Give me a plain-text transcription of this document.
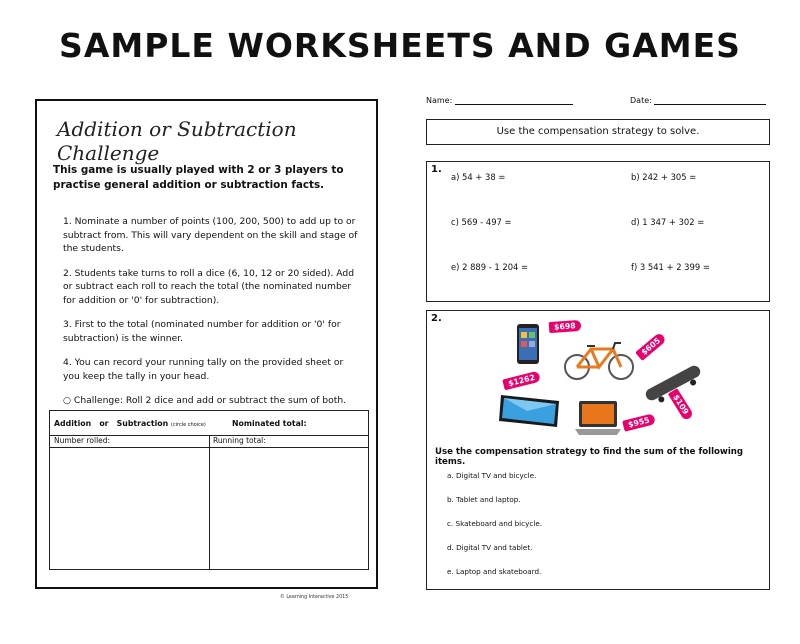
SAMPLE WORKSHEETS AND GAMES
Addition or Subtraction Challenge
This game is usually played with 2 or 3 players to practise general addition or subtraction facts.
1. Nominate a number of points (100, 200, 500) to add up to or subtract from. This will vary dependent on the skill and stage of the students.
2. Students take turns to roll a dice (6, 10, 12 or 20 sided). Add or subtract each roll to reach the total (the nominated number for addition or '0' for subtraction).
3. First to the total (nominated number for addition or '0' for subtraction) is the winner.
4. You can record your running tally on the provided sheet or you keep the tally in your head.
○ Challenge: Roll 2 dice and add or subtract the sum of both.
Addition   or   Subtraction (circle choice)	Nominated total:
Number rolled:	Running total:
© Learning Interactive 2015
Name:	Date:
Use the compensation strategy to solve.
1.
a) 54 + 38 =	b) 242 + 305 =
c) 569 - 497 =	d) 1 347 + 302 =
e) 2 889 - 1 204 =	f) 3 541 + 2 399 =
2.
$698
$605
$1262
$109
$955
Use the compensation strategy to find the sum of the following items.
a. Digital TV and bicycle.
b. Tablet and laptop.
c. Skateboard and bicycle.
d. Digital TV and tablet.
e. Laptop and skateboard.
